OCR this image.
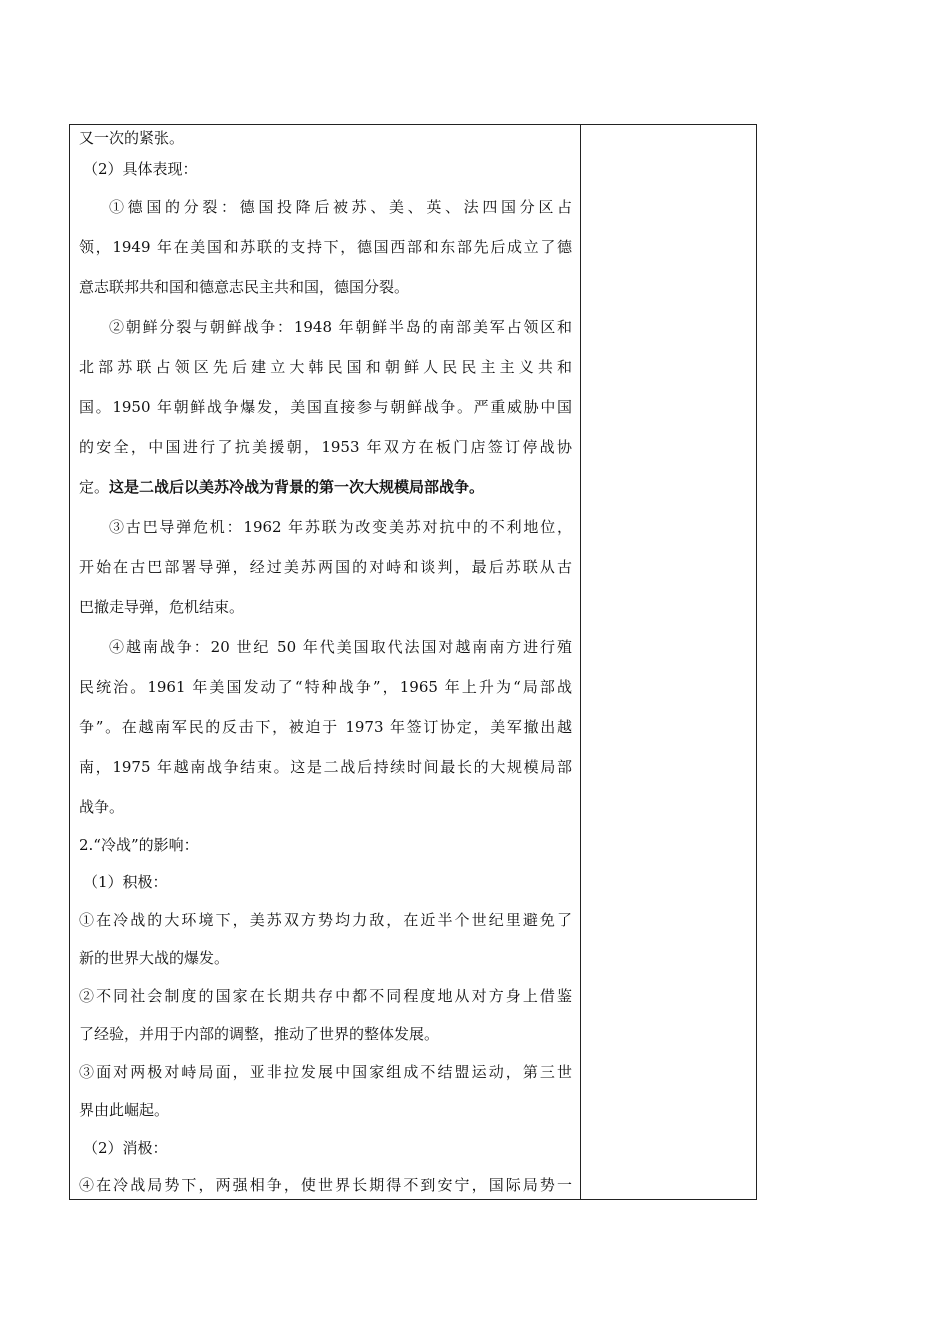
又一次的紧张。

（2）具体表现：

①德国的分裂：德国投降后被苏、美、英、法四国分区占

领，1949 年在美国和苏联的支持下，德国西部和东部先后成立了德

意志联邦共和国和德意志民主共和国，德国分裂。

②朝鲜分裂与朝鲜战争：1948 年朝鲜半岛的南部美军占领区和

北部苏联占领区先后建立大韩民国和朝鲜人民民主主义共和

国。1950 年朝鲜战争爆发，美国直接参与朝鲜战争。严重威胁中国

的安全，中国进行了抗美援朝，1953 年双方在板门店签订停战协

定。这是二战后以美苏冷战为背景的第一次大规模局部战争。

③古巴导弹危机：1962 年苏联为改变美苏对抗中的不利地位，

开始在古巴部署导弹，经过美苏两国的对峙和谈判，最后苏联从古

巴撤走导弹，危机结束。

④越南战争：20 世纪 50 年代美国取代法国对越南南方进行殖

民统治。1961 年美国发动了“特种战争”，1965 年上升为“局部战

争”。在越南军民的反击下，被迫于 1973 年签订协定，美军撤出越

南，1975 年越南战争结束。这是二战后持续时间最长的大规模局部

战争。

2.“冷战”的影响：

（1）积极：

①在冷战的大环境下，美苏双方势均力敌，在近半个世纪里避免了

新的世界大战的爆发。

②不同社会制度的国家在长期共存中都不同程度地从对方身上借鉴

了经验，并用于内部的调整，推动了世界的整体发展。

③面对两极对峙局面，亚非拉发展中国家组成不结盟运动，第三世

界由此崛起。

（2）消极：

④在冷战局势下，两强相争，使世界长期得不到安宁，国际局势一
